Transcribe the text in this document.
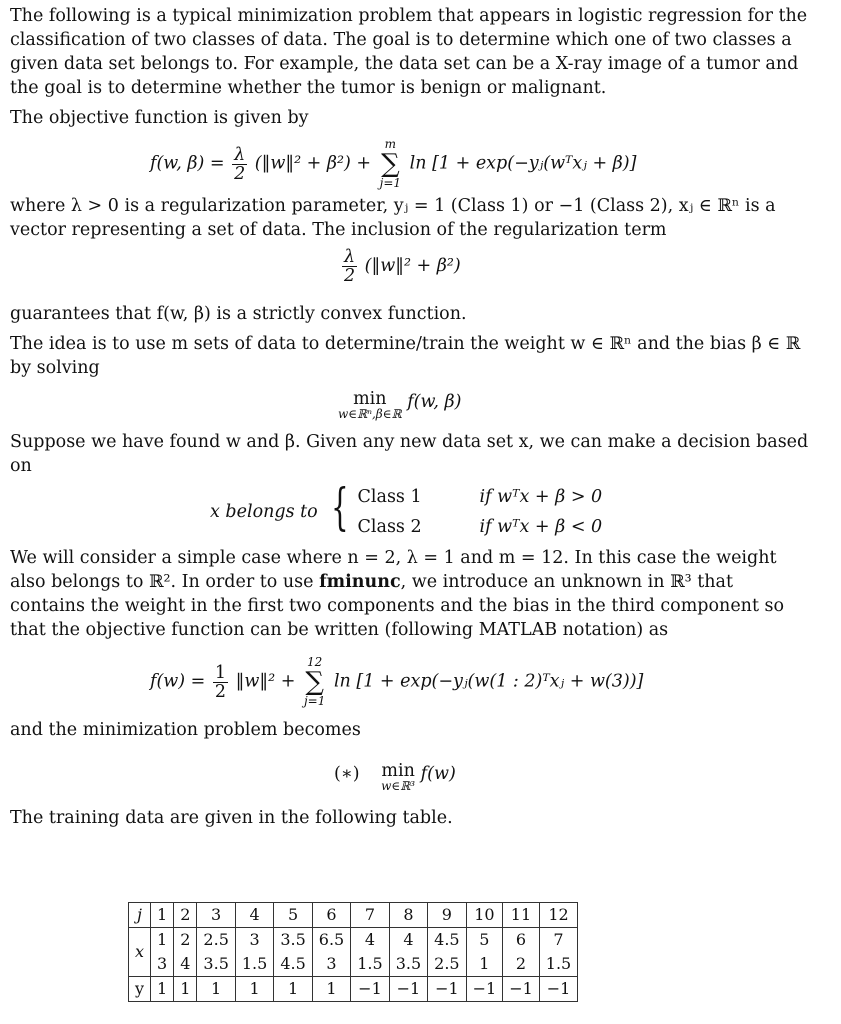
The following is a typical minimization problem that appears in logistic regression for the classification of two classes of data. The goal is to determine which one of two classes a given data set belongs to. For example, the data set can be a X-ray image of a tumor and the goal is to determine whether the tumor is benign or malignant.

The objective function is given by

f(w, $\beta) = \frac{\lambda}{2}$ (‖w‖² + β²) +
m
∑
j=1
ln [1 + exp(−yⱼ(wᵀxⱼ + β)]

where λ > 0 is a regularization parameter, yⱼ = 1 (Class 1) or −1 (Class 2), xⱼ ∈ ℝⁿ is a vector representing a set of data. The inclusion of the regularization term

$\frac{\lambda}{2}$ (‖w‖² + β²)

guarantees that f(w, β) is a strictly convex function.

The idea is to use m sets of data to determine/train the weight w ∈ ℝⁿ and the bias β ∈ ℝ by solving

min
w∈ℝⁿ,β∈ℝ
f(w, β)

Suppose we have found w and β. Given any new data set x, we can make a decision based on

x belongs to { Class 1	if wᵀx + β > 0
Class 2	if wᵀx + β < 0

We will consider a simple case where n = 2, λ = 1 and m = 12. In this case the weight also belongs to ℝ². In order to use fminunc, we introduce an unknown in ℝ³ that contains the weight in the first two components and the bias in the third component so that the objective function can be written (following MATLAB notation) as

$f(w) = \frac{1}{2}$ ‖w‖² +
12
∑
j=1
ln [1 + exp(−yⱼ(w(1 : 2)ᵀxⱼ + w(3))]

and the minimization problem becomes

(∗) min
w∈ℝ³
f(w)

The training data are given in the following table.

j	1	2	3	4	5	6	7	8	9	10	11	12
x	1	2	2.5	3	3.5	6.5	4	4	4.5	5	6	7
	3	4	3.5	1.5	4.5	3	1.5	3.5	2.5	1	2	1.5
y	1	1	1	1	1	1	−1	−1	−1	−1	−1	−1
